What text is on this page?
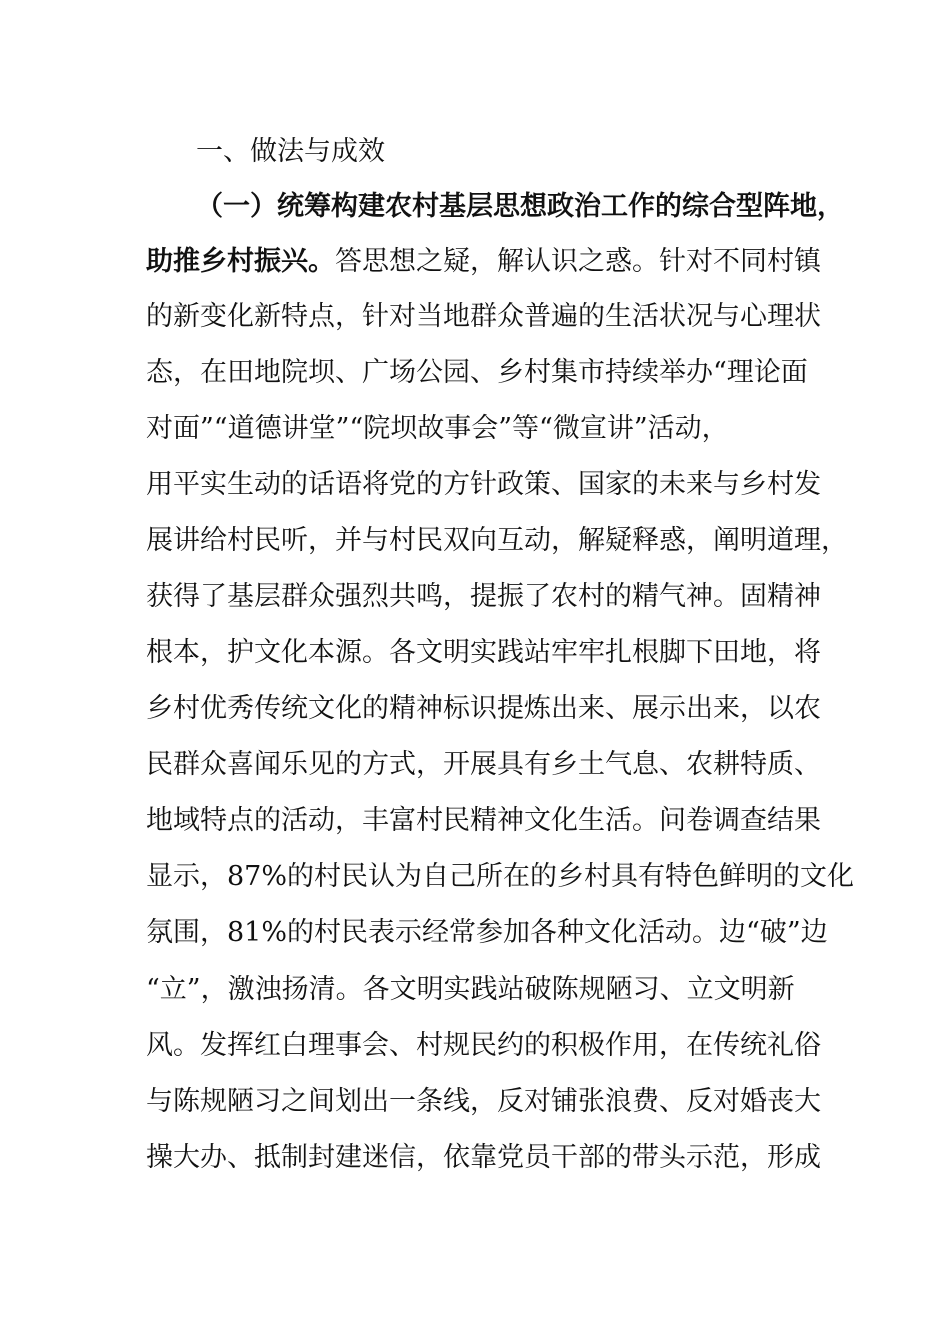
一、做法与成效
（一）统筹构建农村基层思想政治工作的综合型阵地，
助推乡村振兴。答思想之疑，解认识之惑。针对不同村镇
的新变化新特点，针对当地群众普遍的生活状况与心理状
态，在田地院坝、广场公园、乡村集市持续举办“理论面
对面”“道德讲堂”“院坝故事会”等“微宣讲”活动，
用平实生动的话语将党的方针政策、国家的未来与乡村发
展讲给村民听，并与村民双向互动，解疑释惑，阐明道理，
获得了基层群众强烈共鸣，提振了农村的精气神。固精神
根本，护文化本源。各文明实践站牢牢扎根脚下田地，将
乡村优秀传统文化的精神标识提炼出来、展示出来，以农
民群众喜闻乐见的方式，开展具有乡土气息、农耕特质、
地域特点的活动，丰富村民精神文化生活。问卷调查结果
显示，87%的村民认为自己所在的乡村具有特色鲜明的文化
氛围，81%的村民表示经常参加各种文化活动。边“破”边
“立”，激浊扬清。各文明实践站破陈规陋习、立文明新
风。发挥红白理事会、村规民约的积极作用，在传统礼俗
与陈规陋习之间划出一条线，反对铺张浪费、反对婚丧大
操大办、抵制封建迷信，依靠党员干部的带头示范，形成
